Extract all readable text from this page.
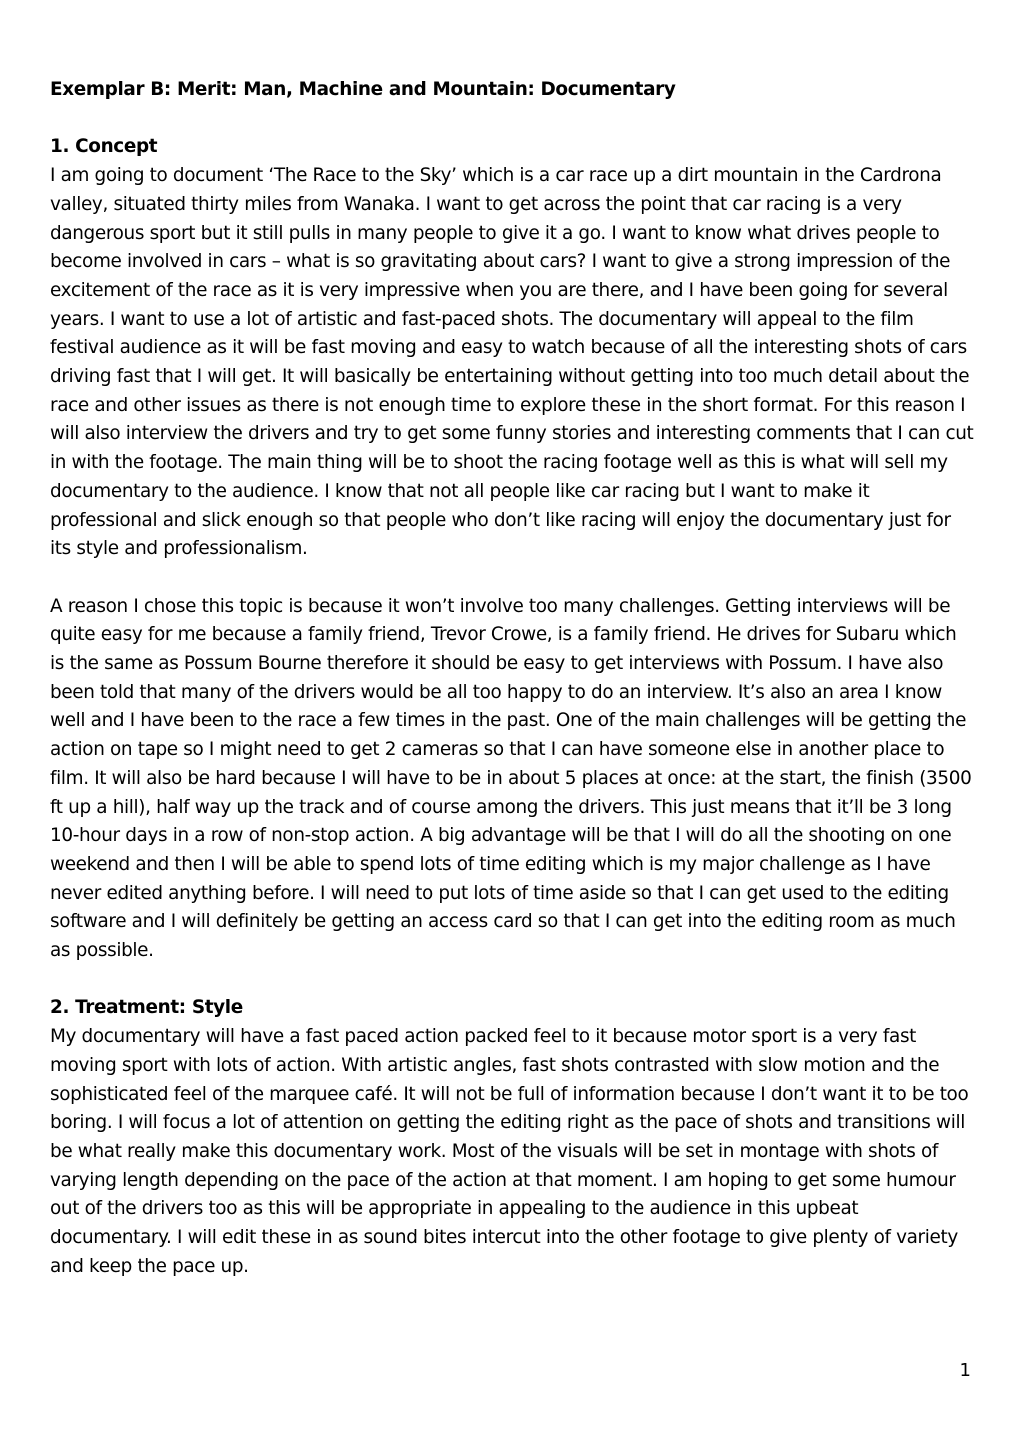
Exemplar B: Merit: Man, Machine and Mountain: Documentary

1. Concept

I am going to document ‘The Race to the Sky’ which is a car race up a dirt mountain in the Cardrona valley, situated thirty miles from Wanaka. I want to get across the point that car racing is a very dangerous sport but it still pulls in many people to give it a go. I want to know what drives people to become involved in cars – what is so gravitating about cars? I want to give a strong impression of the excitement of the race as it is very impressive when you are there, and I have been going for several years. I want to use a lot of artistic and fast-paced shots. The documentary will appeal to the film festival audience as it will be fast moving and easy to watch because of all the interesting shots of cars driving fast that I will get. It will basically be entertaining without getting into too much detail about the race and other issues as there is not enough time to explore these in the short format. For this reason I will also interview the drivers and try to get some funny stories and interesting comments that I can cut in with the footage. The main thing will be to shoot the racing footage well as this is what will sell my documentary to the audience. I know that not all people like car racing but I want to make it professional and slick enough so that people who don’t like racing will enjoy the documentary just for its style and professionalism.

A reason I chose this topic is because it won’t involve too many challenges. Getting interviews will be quite easy for me because a family friend, Trevor Crowe, is a family friend. He drives for Subaru which is the same as Possum Bourne therefore it should be easy to get interviews with Possum. I have also been told that many of the drivers would be all too happy to do an interview. It’s also an area I know well and I have been to the race a few times in the past. One of the main challenges will be getting the action on tape so I might need to get 2 cameras so that I can have someone else in another place to film. It will also be hard because I will have to be in about 5 places at once: at the start, the finish (3500 ft up a hill), half way up the track and of course among the drivers. This just means that it’ll be 3 long 10-hour days in a row of non-stop action. A big advantage will be that I will do all the shooting on one weekend and then I will be able to spend lots of time editing which is my major challenge as I have never edited anything before. I will need to put lots of time aside so that I can get used to the editing software and I will definitely be getting an access card so that I can get into the editing room as much as possible.

2. Treatment: Style

My documentary will have a fast paced action packed feel to it because motor sport is a very fast moving sport with lots of action. With artistic angles, fast shots contrasted with slow motion and the sophisticated feel of the marquee café. It will not be full of information because I don’t want it to be too boring. I will focus a lot of attention on getting the editing right as the pace of shots and transitions will be what really make this documentary work. Most of the visuals will be set in montage with shots of varying length depending on the pace of the action at that moment. I am hoping to get some humour out of the drivers too as this will be appropriate in appealing to the audience in this upbeat documentary. I will edit these in as sound bites intercut into the other footage to give plenty of variety and keep the pace up.

1
